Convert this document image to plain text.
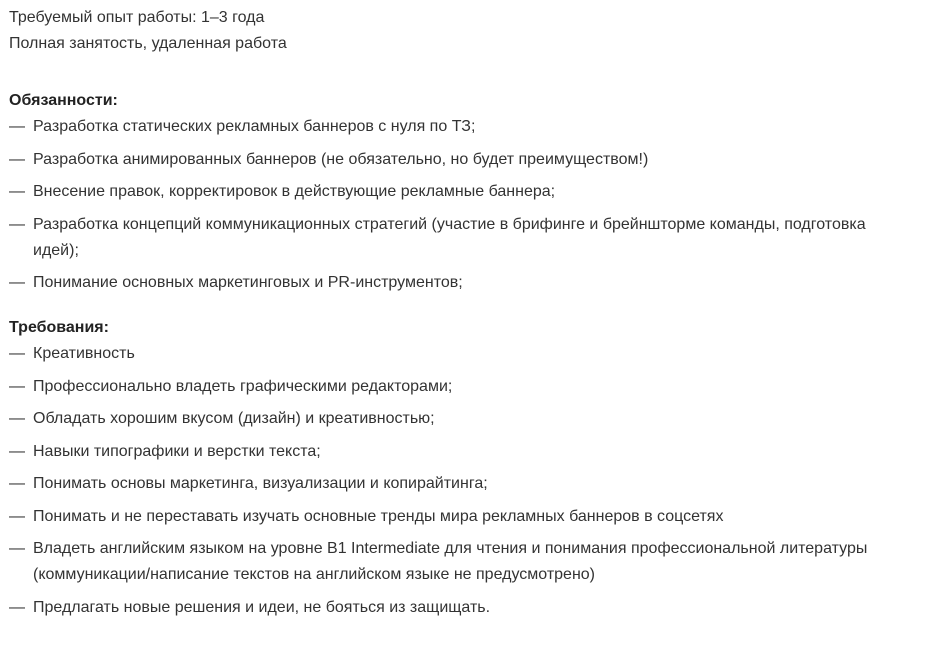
Требуемый опыт работы: 1–3 года

Полная занятость, удаленная работа

Обязанности:

— Разработка статических рекламных баннеров с нуля по ТЗ;
— Разработка анимированных баннеров (не обязательно, но будет преимуществом!)
— Внесение правок, корректировок в действующие рекламные баннера;
— Разработка концепций коммуникационных стратегий (участие в брифинге и брейншторме команды, подготовка идей);
— Понимание основных маркетинговых и PR-инструментов;

Требования:

— Креативность
— Профессионально владеть графическими редакторами;
— Обладать хорошим вкусом (дизайн) и креативностью;
— Навыки типографики и верстки текста;
— Понимать основы маркетинга, визуализации и копирайтинга;
— Понимать и не переставать изучать основные тренды мира рекламных баннеров в соцсетях
— Владеть английским языком на уровне B1 Intermediate для чтения и понимания профессиональной литературы (коммуникации/написание текстов на английском языке не предусмотрено)
— Предлагать новые решения и идеи, не бояться из защищать.
